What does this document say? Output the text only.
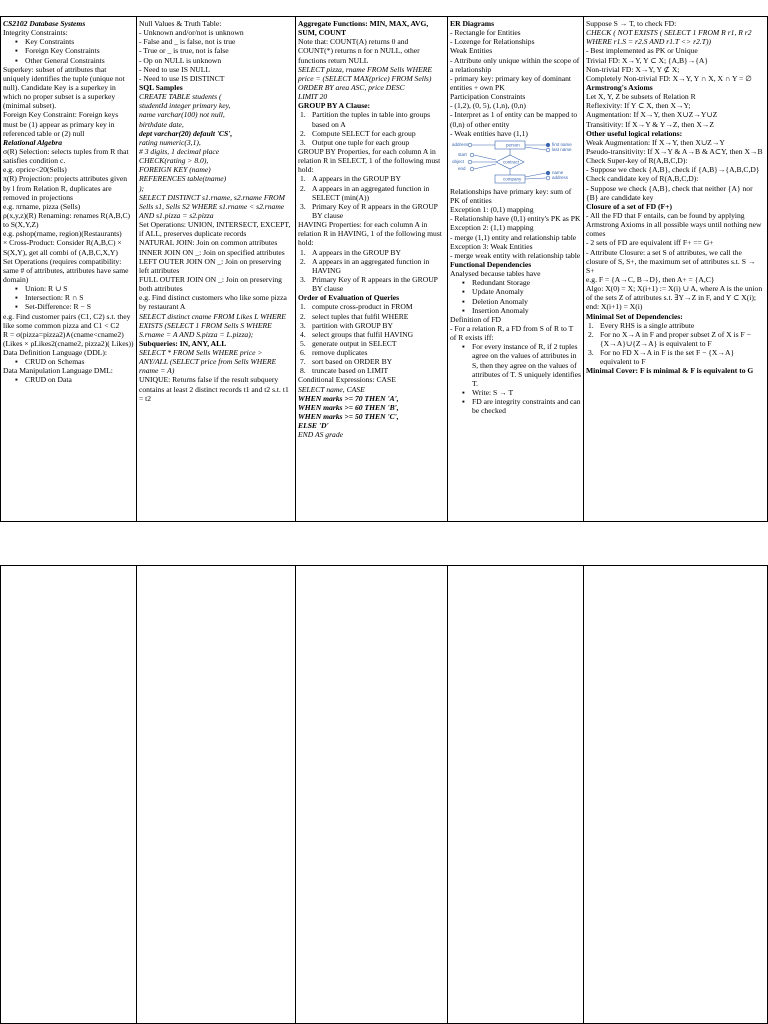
CS2102 Database Systems
Integrity Constraints:
▪ Key Constraints
▪ Foreign Key Constraints
▪ Other General Constraints
Superkey: subset of attributes that uniquely identifies the tuple (unique not null). Candidate Key is a superkey in which no proper subset is a superkey (minimal subset).
Foreign Key Constraint: Foreign keys must be (1) appear as primary key in referenced table or (2) null
Relational Algebra
σ(R) Selection: selects tuples from R that satisfies condition c.
e.g. σprice<20(Sells)
π(R) Projection: projects attributes given by l from Relation R, duplicates are removed in projections
e.g. πrname, pizza (Sells)
ρ(x,y,z)(R) Renaming: renames R(A,B,C) to S(X,Y,Z)
e.g. ρshop(rname, region)(Restaurants)
× Cross-Product: Consider R(A,B,C) × S(X,Y), get all combi of (A,B,C,X,Y)
Set Operations (requires compatibility: same # of attributes, attributes have same domain)
▪ Union: R ∪ S
▪ Intersection: R ∩ S
▪ Set-Difference: R − S
e.g. Find customer pairs (C1, C2) s.t. they like some common pizza and C1 < C2
R = σ(pizza=pizza2)∧(cname<cname2) (Likes × ρLikes2(cname2, pizza2)( Likes))
Data Definition Language (DDL):
▪ CRUD on Schemas
Data Manipulation Language DML:
▪ CRUD on Data
Null Values & Truth Table:
- Unknown and/or/not is unknown
- False and _ is false, not is true
- True or _ is true, not is false
- Op on NULL is unknown
- Need to use IS NULL
- Need to use IS DISTINCT
SQL Samples
CREATE TABLE students (
studentId integer primary key,
name varchar(100) not null,
birthdate date,
dept varchar(20) default 'CS',
rating numeric(3,1),
# 3 digits, 1 decimal place
CHECK(rating > 8.0),
FOREIGN KEY (name)
REFERENCES table(tname)
);
SELECT DISTINCT s1.rname, s2.rname FROM Sells s1, Sells S2 WHERE s1.rname < s2.rname AND s1.pizza = s2.pizza
Set Operations: UNION, INTERSECT, EXCEPT, if ALL, preserves duplicate records
NATURAL JOIN: Join on common attributes
INNER JOIN ON _: Join on specified attributes
LEFT OUTER JOIN ON _: Join on preserving left attributes
FULL OUTER JOIN ON _: Join on preserving both attributes
e.g. Find distinct customers who like some pizza by restaurant A
SELECT distinct cname FROM Likes L WHERE EXISTS (SELECT 1 FROM Sells S WHERE S.rname = A AND S.pizza = L.pizza);
Subqueries: IN, ANY, ALL
SELECT * FROM Sells WHERE price > ANY/ALL (SELECT price from Sells WHERE rname = A)
UNIQUE: Returns false if the result subquery contains at least 2 distinct records t1 and t2 s.t. t1 = t2
Aggregate Functions: MIN, MAX, AVG, SUM, COUNT
Note that: COUNT(A) returns 0 and COUNT(*) returns n for n NULL, other functions return NULL
SELECT pizza, rname FROM Sells WHERE price = (SELECT MAX(price) FROM Sells)
ORDER BY area ASC, price DESC
LIMIT 20
GROUP BY A Clause:
1. Partition the tuples in table into groups based on A
2. Compute SELECT for each group
3. Output one tuple for each group
GROUP BY Properties, for each column A in relation R in SELECT, 1 of the following must hold:
1. A appears in the GROUP BY
2. A appears in an aggregated function in SELECT (min(A))
3. Primary Key of R appears in the GROUP BY clause
HAVING Properties: for each column A in relation R in HAVING, 1 of the following must hold:
1. A appears in the GROUP BY
2. A appears in an aggregated function in HAVING
3. Primary Key of R appears in the GROUP BY clause
Order of Evaluation of Queries
1. compute cross-product in FROM
2. select tuples that fulfil WHERE
3. partition with GROUP BY
4. select groups that fulfil HAVING
5. generate output in SELECT
6. remove duplicates
7. sort based on ORDER BY
8. truncate based on LIMIT
Conditional Expressions: CASE
SELECT name, CASE
WHEN marks >= 70 THEN 'A',
WHEN marks >= 60 THEN 'B',
WHEN marks >= 50 THEN 'C',
ELSE 'D'
END AS grade
ER Diagrams
- Rectangle for Entities
- Lozenge for Relationships
Weak Entities
- Attribute only unique within the scope of a relationship
- primary key: primary key of dominant entities + own PK
Participation Constraints
- (1,2), (0, 5), (1,n), (0,n)
- Interpret as 1 of entity can be mapped to (0,n) of other entity
- Weak entities have (1,1)
address	person	first name
last name
start
object
end
contract
company
name
address
Relationships have primary key: sum of PK of entities
Exception 1: (0,1) mapping
- Relationship have (0,1) entity's PK as PK
Exception 2: (1,1) mapping
- merge (1,1) entity and relationship table
Exception 3: Weak Entities
- merge weak entity with relationship table
Functional Dependencies
Analysed because tables have
▪ Redundant Storage
▪ Update Anomaly
▪ Deletion Anomaly
▪ Insertion Anomaly
Definition of FD
- For a relation R, a FD from S of R to T of R exists iff:
▪ For every instance of R, if 2 tuples agree on the values of attributes in S, then they agree on the values of attributes of T. S uniquely identifies T.
▪ Write: S → T
▪ FD are integrity constraints and can be checked
Suppose S → T, to check FD:
CHECK ( NOT EXISTS ( SELECT 1 FROM R r1, R r2 WHERE r1.S = r2.S AND r1.T <> r2.T))
- Best implemented as PK or Unique
Trivial FD: X→Y, Y ⊂ X; {A,B}→{A}
Non-trivial FD: X→Y, Y ⊄ X;
Completely Non-trivial FD: X→Y, Y ∩ X, X ∩ Y = ∅
Armstrong's Axioms
Let X, Y, Z be subsets of Relation R
Reflexivity: If Y ⊂ X, then X→Y;
Augmentation: If X→Y, then X∪Z→Y∪Z
Transitivity: If X→Y & Y→Z, then X→Z
Other useful logical relations:
Weak Augmentation: If X→Y, then X∪Z→Y
Pseudo-transitivity: If X→Y & A→B & A⊂Y, then X→B
Check Super-key of R(A,B,C,D):
- Suppose we check {A,B}, check if {A,B}→{A,B,C,D}
Check candidate key of R(A,B,C,D):
- Suppose we check {A,B}, check that neither {A} nor {B} are candidate key
Closure of a set of FD (F+)
- All the FD that F entails, can be found by applying Armstrong Axioms in all possible ways until nothing new comes
- 2 sets of FD are equivalent iff F+ == G+
- Attribute Closure: a set S of attributes, we call the closure of S, S+, the maximum set of attributes s.t. S → S+
e.g. F = {A→C, B→D}, then A+ = {A,C}
Algo: X(0) = X; X(i+1) := X(i) ∪ A, where A is the union of the sets Z of attributes s.t. ∃Y→Z in F, and Y ⊂ X(i); end: X(i+1) = X(i)
Minimal Set of Dependencies:
1. Every RHS is a single attribute
2. For no X→A in F and proper subset Z of X is F − {X→A}∪{Z→A} is equivalent to F
3. For no FD X→A in F is the set F − {X→A} equivalent to F
Minimal Cover: F is minimal & F is equivalent to G
